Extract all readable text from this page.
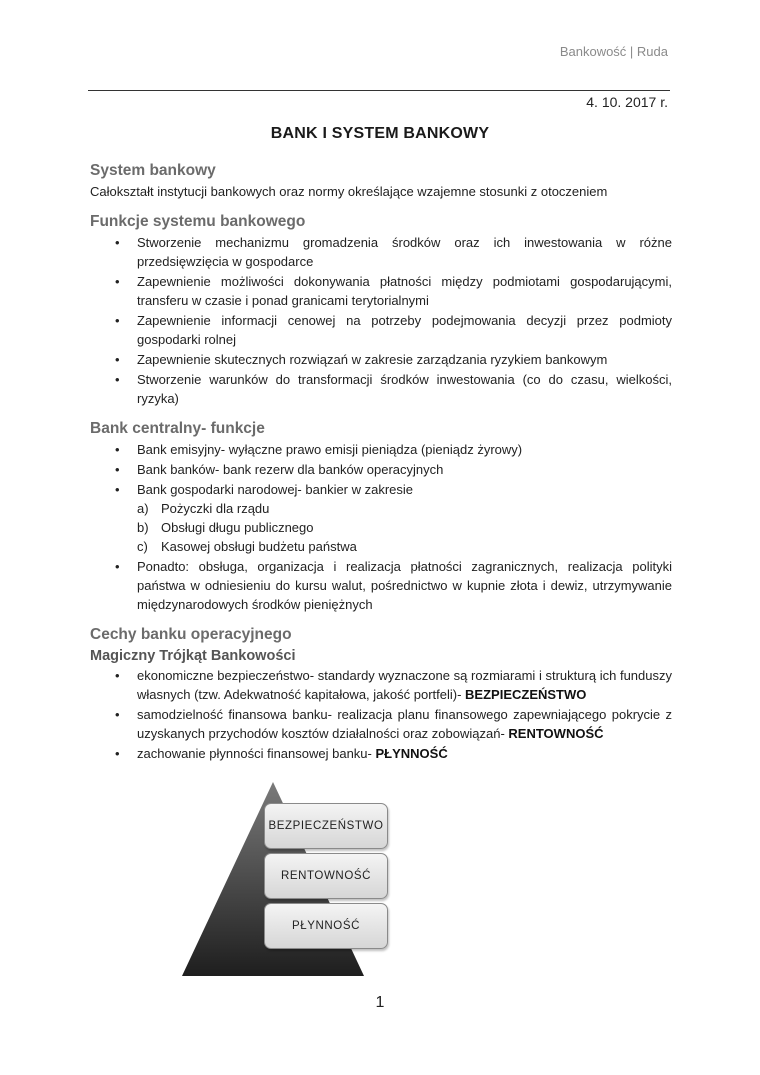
Bankowość | Ruda
4. 10. 2017 r.
BANK I SYSTEM BANKOWY
System bankowy

Całokształt instytucji bankowych oraz normy określające wzajemne stosunki z otoczeniem

Funkcje systemu bankowego
• Stworzenie mechanizmu gromadzenia środków oraz ich inwestowania w różne przedsięwzięcia w gospodarce
• Zapewnienie możliwości dokonywania płatności między podmiotami gospodarującymi, transferu w czasie i ponad granicami terytorialnymi
• Zapewnienie informacji cenowej na potrzeby podejmowania decyzji przez podmioty gospodarki rolnej
• Zapewnienie skutecznych rozwiązań w zakresie zarządzania ryzykiem bankowym
• Stworzenie warunków do transformacji środków inwestowania (co do czasu, wielkości, ryzyka)
Bank centralny- funkcje
• Bank emisyjny- wyłączne prawo emisji pieniądza (pieniądz żyrowy)
• Bank banków- bank rezerw dla banków operacyjnych
• Bank gospodarki narodowej- bankier w zakresie
a) Pożyczki dla rządu
b) Obsługi długu publicznego
c) Kasowej obsługi budżetu państwa
• Ponadto: obsługa, organizacja i realizacja płatności zagranicznych, realizacja polityki państwa w odniesieniu do kursu walut, pośrednictwo w kupnie złota i dewiz, utrzymywanie międzynarodowych środków pieniężnych
Cechy banku operacyjnego
Magiczny Trójkąt Bankowości
• ekonomiczne bezpieczeństwo- standardy wyznaczone są rozmiarami i strukturą ich funduszy własnych (tzw. Adekwatność kapitałowa, jakość portfeli)- BEZPIECZEŃSTWO
• samodzielność finansowa banku- realizacja planu finansowego zapewniającego pokrycie z uzyskanych przychodów kosztów działalności oraz zobowiązań- RENTOWNOŚĆ
• zachowanie płynności finansowej banku- PŁYNNOŚĆ
BEZPIECZEŃSTWO
RENTOWNOŚĆ
PŁYNNOŚĆ
1
